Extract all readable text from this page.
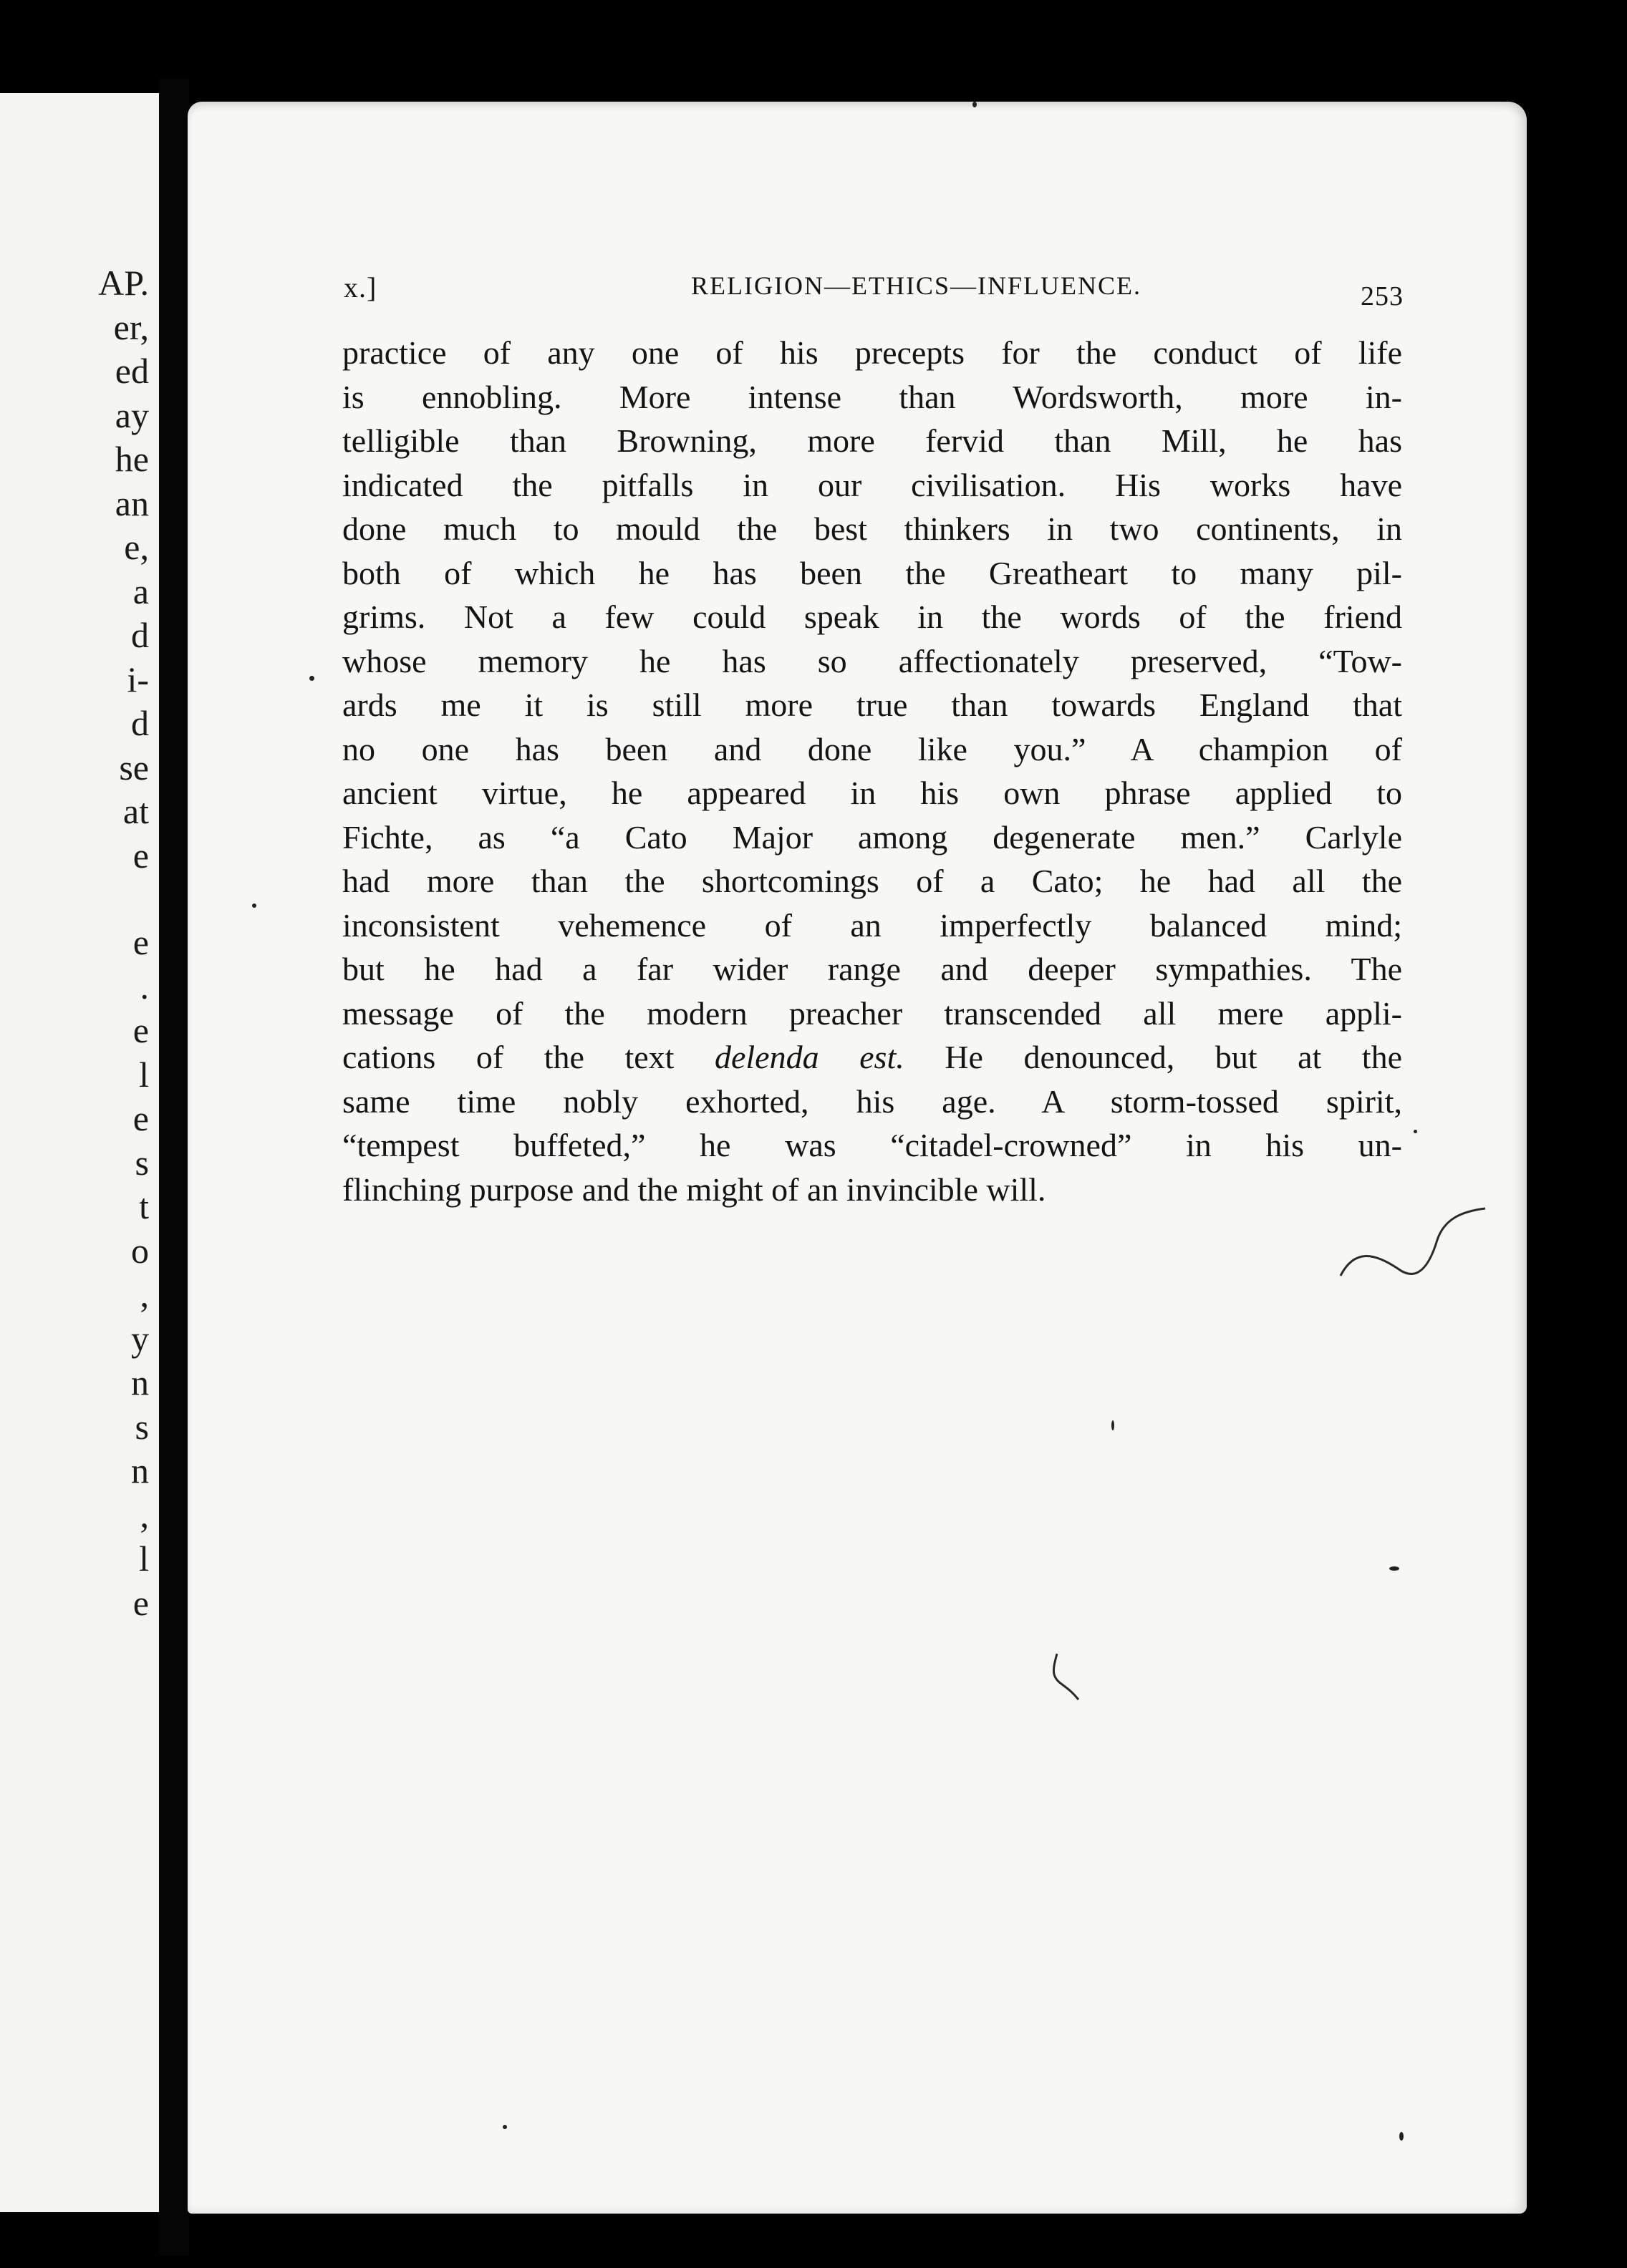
AP.
er,
ed
ay
he
an
e,
a
d
i-
d
se
at
e
e
.
e
l
e
s
t
o
,
y
n
s
n
,
l
e
x.]	RELIGION—ETHICS—INFLUENCE.	253
practice of any one of his precepts for the conduct of life
is ennobling. More intense than Wordsworth, more in-
telligible than Browning, more fervid than Mill, he has
indicated the pitfalls in our civilisation. His works have
done much to mould the best thinkers in two continents, in
both of which he has been the Greatheart to many pil-
grims. Not a few could speak in the words of the friend
whose memory he has so affectionately preserved, “Tow-
ards me it is still more true than towards England that
no one has been and done like you.” A champion of
ancient virtue, he appeared in his own phrase applied to
Fichte, as “a Cato Major among degenerate men.” Carlyle
had more than the shortcomings of a Cato; he had all the
inconsistent vehemence of an imperfectly balanced mind;
but he had a far wider range and deeper sympathies. The
message of the modern preacher transcended all mere appli-
cations of the text delenda est. He denounced, but at the
same time nobly exhorted, his age. A storm-tossed spirit,
“tempest buffeted,” he was “citadel-crowned” in his un-
flinching purpose and the might of an invincible will.
